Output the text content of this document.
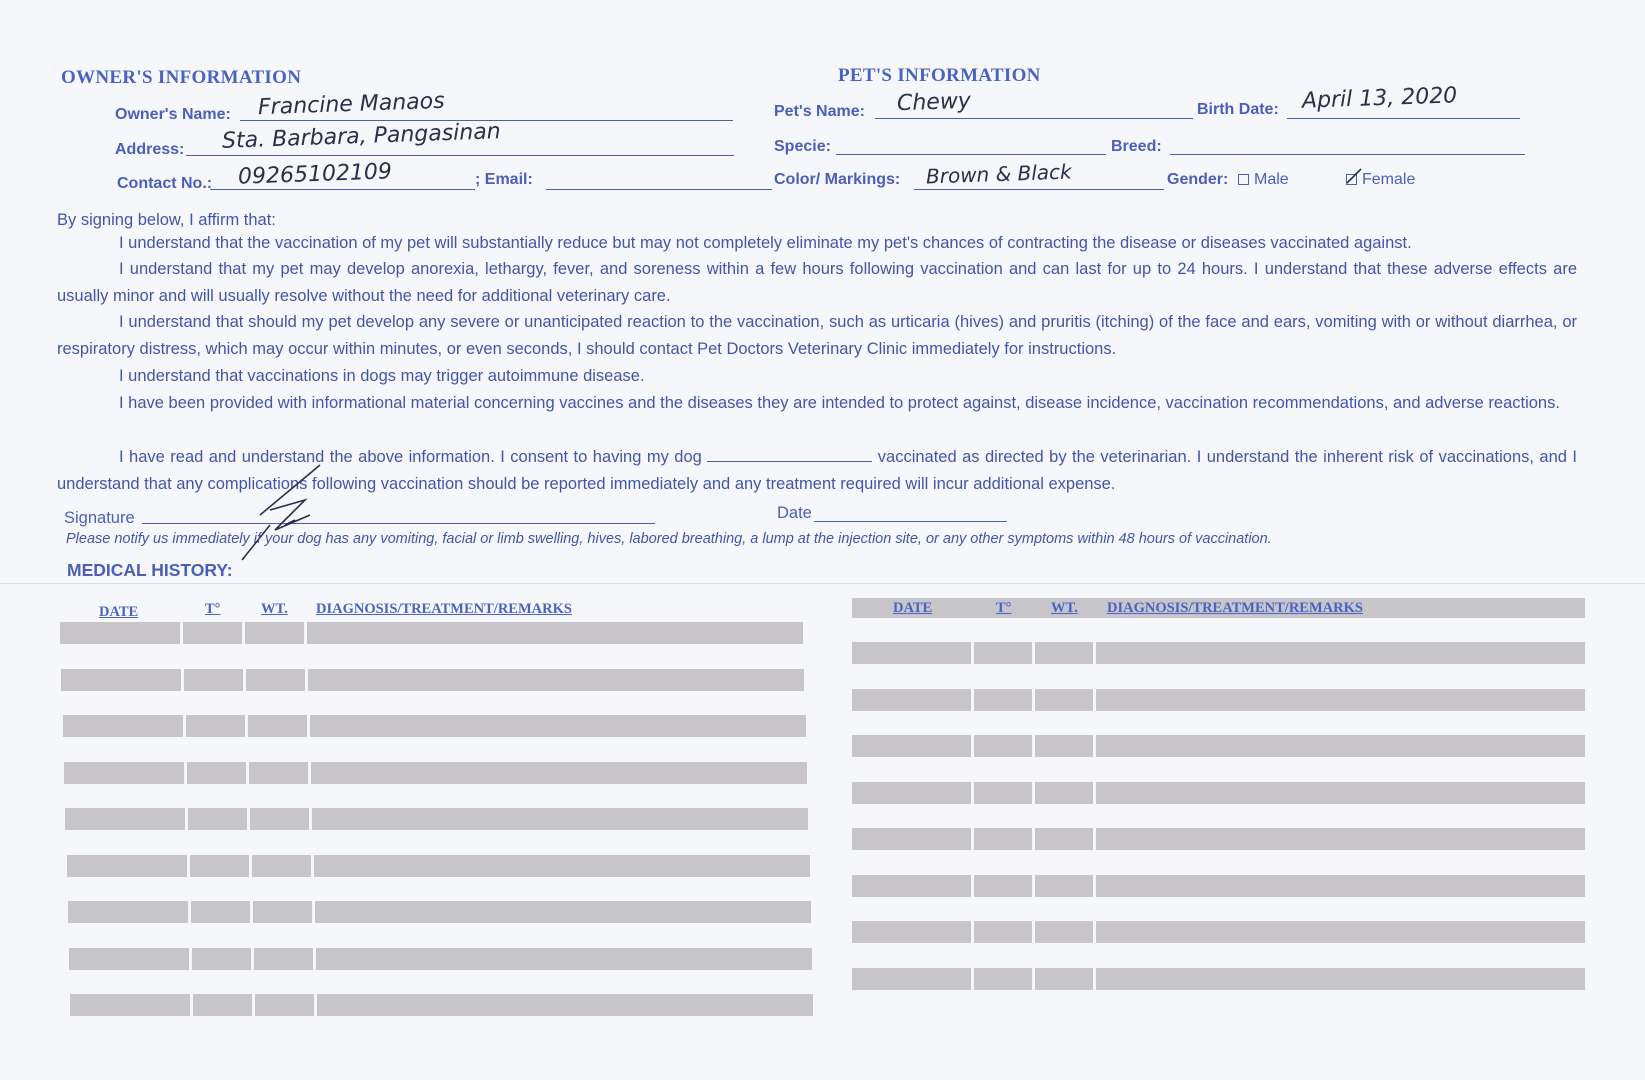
OWNER'S INFORMATION
Owner's Name: Francine Manaos
Address: Sta. Barbara, Pangasinan
Contact No.: 09265102109	; Email:
PET'S INFORMATION
Pet's Name: Chewy	Birth Date: April 13, 2020
Specie:	Breed:
Color/ Markings: Brown & Black	Gender:	Male	Female
By signing below, I affirm that:
I understand that the vaccination of my pet will substantially reduce but may not completely eliminate my pet's chances of contracting the disease or diseases vaccinated against.
I understand that my pet may develop anorexia, lethargy, fever, and soreness within a few hours following vaccination and can last for up to 24 hours. I understand that these adverse effects are usually minor and will usually resolve without the need for additional veterinary care.
I understand that should my pet develop any severe or unanticipated reaction to the vaccination, such as urticaria (hives) and pruritis (itching) of the face and ears, vomiting with or without diarrhea, or respiratory distress, which may occur within minutes, or even seconds, I should contact Pet Doctors Veterinary Clinic immediately for instructions.
I understand that vaccinations in dogs may trigger autoimmune disease.
I have been provided with informational material concerning vaccines and the diseases they are intended to protect against, disease incidence, vaccination recommendations, and adverse reactions.
I have read and understand the above information. I consent to having my dog	vaccinated as directed by the veterinarian. I understand the inherent risk of vaccinations, and I understand that any complications following vaccination should be reported immediately and any treatment required will incur additional expense.
Signature	Date
Please notify us immediately if your dog has any vomiting, facial or limb swelling, hives, labored breathing, a lump at the injection site, or any other symptoms within 48 hours of vaccination.
MEDICAL HISTORY:
DATE	T°	WT. DIAGNOSIS/TREATMENT/REMARKS	DATE	T°	WT. DIAGNOSIS/TREATMENT/REMARKS
